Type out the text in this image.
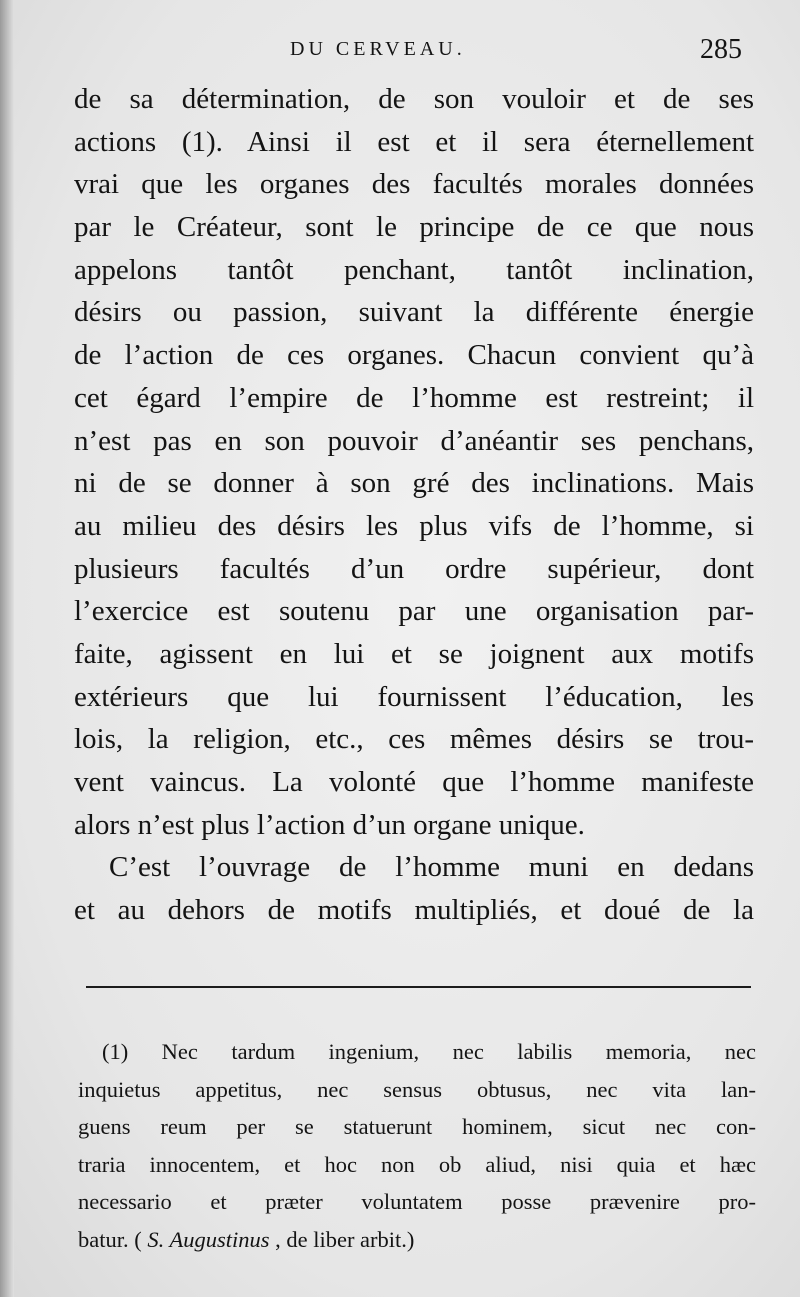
DU CERVEAU.	285
de sa détermination, de son vouloir et de ses
actions (1). Ainsi il est et il sera éternellement
vrai que les organes des facultés morales données
par le Créateur, sont le principe de ce que nous
appelons tantôt penchant, tantôt inclination,
désirs ou passion, suivant la différente énergie
de l’action de ces organes. Chacun convient qu’à
cet égard l’empire de l’homme est restreint; il
n’est pas en son pouvoir d’anéantir ses penchans,
ni de se donner à son gré des inclinations. Mais
au milieu des désirs les plus vifs de l’homme, si
plusieurs facultés d’un ordre supérieur, dont
l’exercice est soutenu par une organisation par-
faite, agissent en lui et se joignent aux motifs
extérieurs que lui fournissent l’éducation, les
lois, la religion, etc., ces mêmes désirs se trou-
vent vaincus. La volonté que l’homme manifeste
alors n’est plus l’action d’un organe unique.
C’est l’ouvrage de l’homme muni en dedans
et au dehors de motifs multipliés, et doué de la
(1) Nec tardum ingenium, nec labilis memoria, nec
inquietus appetitus, nec sensus obtusus, nec vita lan-
guens reum per se statuerunt hominem, sicut nec con-
traria innocentem, et hoc non ob aliud, nisi quia et hæc
necessario et præter voluntatem posse prævenire pro-
batur. ( S. Augustinus , de liber arbit.)
